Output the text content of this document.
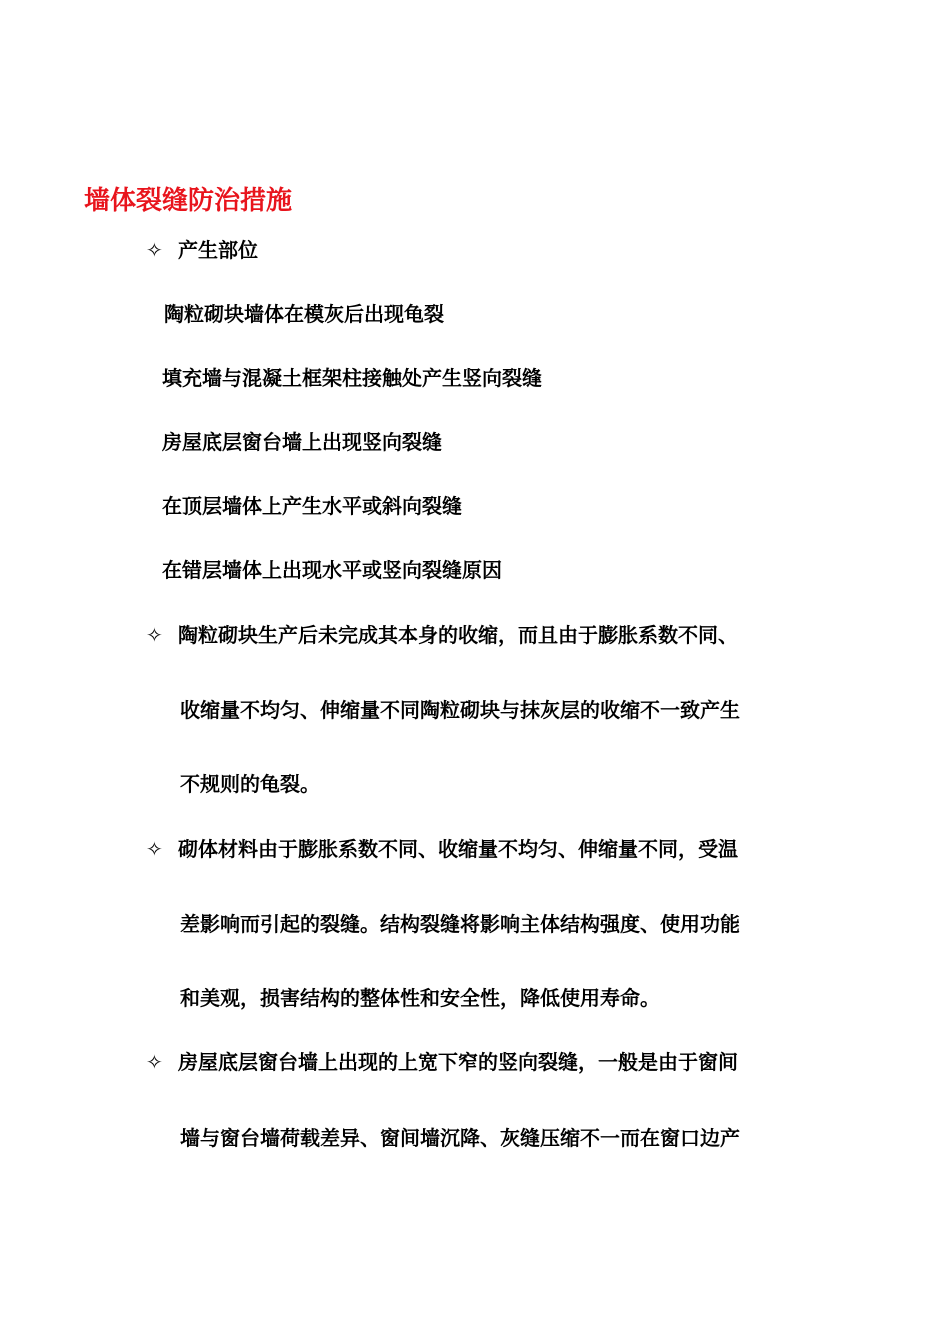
墙体裂缝防治措施
✧ 产生部位
陶粒砌块墙体在模灰后出现龟裂
填充墙与混凝土框架柱接触处产生竖向裂缝
房屋底层窗台墙上出现竖向裂缝
在顶层墙体上产生水平或斜向裂缝
在错层墙体上出现水平或竖向裂缝原因
✧ 陶粒砌块生产后未完成其本身的收缩，而且由于膨胀系数不同、
收缩量不均匀、伸缩量不同陶粒砌块与抹灰层的收缩不一致产生
不规则的龟裂。
✧ 砌体材料由于膨胀系数不同、收缩量不均匀、伸缩量不同，受温
差影响而引起的裂缝。结构裂缝将影响主体结构强度、使用功能
和美观，损害结构的整体性和安全性，降低使用寿命。
✧ 房屋底层窗台墙上出现的上宽下窄的竖向裂缝，一般是由于窗间
墙与窗台墙荷载差异、窗间墙沉降、灰缝压缩不一而在窗口边产
